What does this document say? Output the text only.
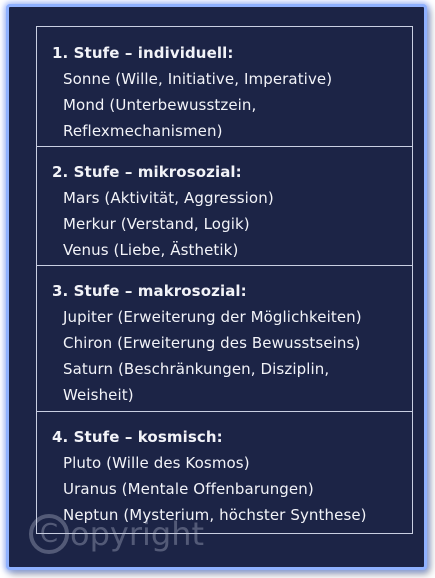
1. Stufe – individuell:
Sonne (Wille, Initiative, Imperative)
Mond (Unterbewusstzein,
Reflexmechanismen)
2. Stufe – mikrosozial:
Mars (Aktivität, Aggression)
Merkur (Verstand, Logik)
Venus (Liebe, Ästhetik)
3. Stufe – makrosozial:
Jupiter (Erweiterung der Möglichkeiten)
Chiron (Erweiterung des Bewusstseins)
Saturn (Beschränkungen, Disziplin,
Weisheit)
4. Stufe – kosmisch:
Pluto (Wille des Kosmos)
Uranus (Mentale Offenbarungen)
Neptun (Mysterium, höchster Synthese)
C opyright
